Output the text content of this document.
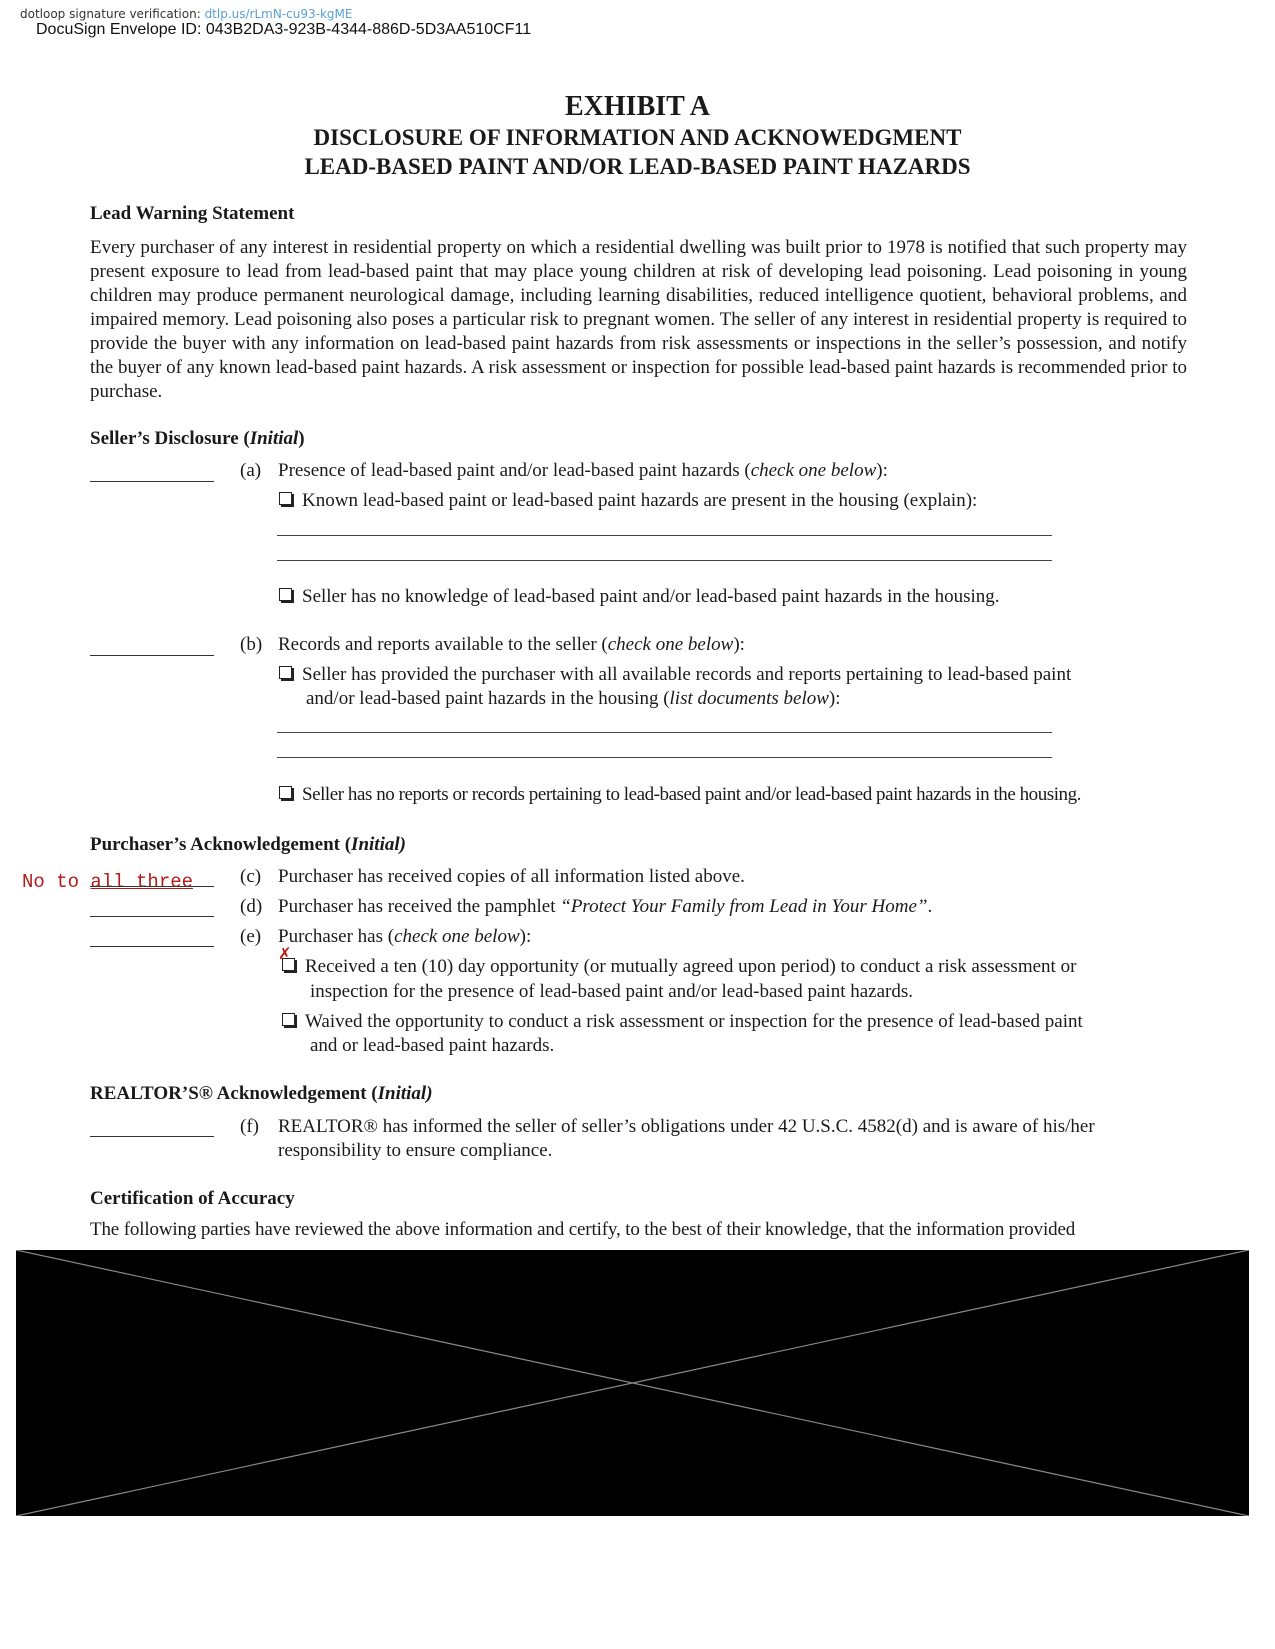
dotloop signature verification: dtlp.us/rLmN-cu93-kgME
DocuSign Envelope ID: 043B2DA3-923B-4344-886D-5D3AA510CF11
EXHIBIT A
DISCLOSURE OF INFORMATION AND ACKNOWEDGMENT
LEAD-BASED PAINT AND/OR LEAD-BASED PAINT HAZARDS
Lead Warning Statement
Every purchaser of any interest in residential property on which a residential dwelling was built prior to 1978 is notified that such property may present exposure to lead from lead-based paint that may place young children at risk of developing lead poisoning. Lead poisoning in young children may produce permanent neurological damage, including learning disabilities, reduced intelligence quotient, behavioral problems, and impaired memory. Lead poisoning also poses a particular risk to pregnant women. The seller of any interest in residential property is required to provide the buyer with any information on lead-based paint hazards from risk assessments or inspections in the seller’s possession, and notify the buyer of any known lead-based paint hazards. A risk assessment or inspection for possible lead-based paint hazards is recommended prior to purchase.
Seller’s Disclosure (Initial)
(a) Presence of lead-based paint and/or lead-based paint hazards (check one below):
Known lead-based paint or lead-based paint hazards are present in the housing (explain):
Seller has no knowledge of lead-based paint and/or lead-based paint hazards in the housing.
(b) Records and reports available to the seller (check one below):
Seller has provided the purchaser with all available records and reports pertaining to lead-based paint
and/or lead-based paint hazards in the housing (list documents below):
Seller has no reports or records pertaining to lead-based paint and/or lead-based paint hazards in the housing.
Purchaser’s Acknowledgement (Initial)
No to all three (c) Purchaser has received copies of all information listed above.
(d) Purchaser has received the pamphlet “Protect Your Family from Lead in Your Home”.
(e) Purchaser has (check one below):
✗
Received a ten (10) day opportunity (or mutually agreed upon period) to conduct a risk assessment or
inspection for the presence of lead-based paint and/or lead-based paint hazards.
Waived the opportunity to conduct a risk assessment or inspection for the presence of lead-based paint
and or lead-based paint hazards.
REALTOR’S® Acknowledgement (Initial)
(f) REALTOR® has informed the seller of seller’s obligations under 42 U.S.C. 4582(d) and is aware of his/her
responsibility to ensure compliance.
Certification of Accuracy
The following parties have reviewed the above information and certify, to the best of their knowledge, that the information provided
